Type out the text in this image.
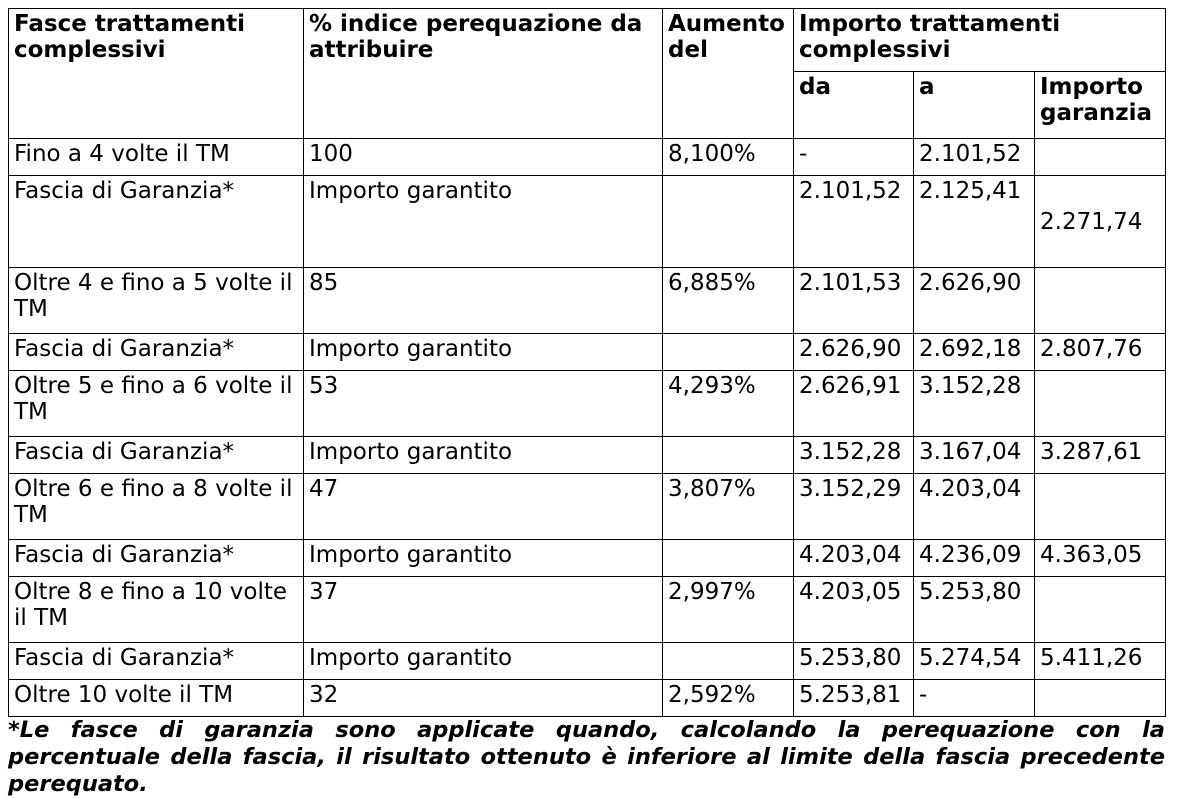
Fasce trattamenti complessivi	% indice perequazione da attribuire	Aumento del	Importo trattamenti complessivi		
			da	a	Importo garanzia
Fino a 4 volte il TM	100	8,100%	-	2.101,52	
Fascia di Garanzia*	Importo garantito		2.101,52	2.125,41	2.271,74
Oltre 4 e fino a 5 volte il TM	85	6,885%	2.101,53	2.626,90	
Fascia di Garanzia*	Importo garantito		2.626,90	2.692,18	2.807,76
Oltre 5 e fino a 6 volte il TM	53	4,293%	2.626,91	3.152,28	
Fascia di Garanzia*	Importo garantito		3.152,28	3.167,04	3.287,61
Oltre 6 e fino a 8 volte il TM	47	3,807%	3.152,29	4.203,04	
Fascia di Garanzia*	Importo garantito		4.203,04	4.236,09	4.363,05
Oltre 8 e fino a 10 volte il TM	37	2,997%	4.203,05	5.253,80	
Fascia di Garanzia*	Importo garantito		5.253,80	5.274,54	5.411,26
Oltre 10 volte il TM	32	2,592%	5.253,81	-	
*Le fasce di garanzia sono applicate quando, calcolando la perequazione con la percentuale della fascia, il risultato ottenuto è inferiore al limite della fascia precedente perequato.
